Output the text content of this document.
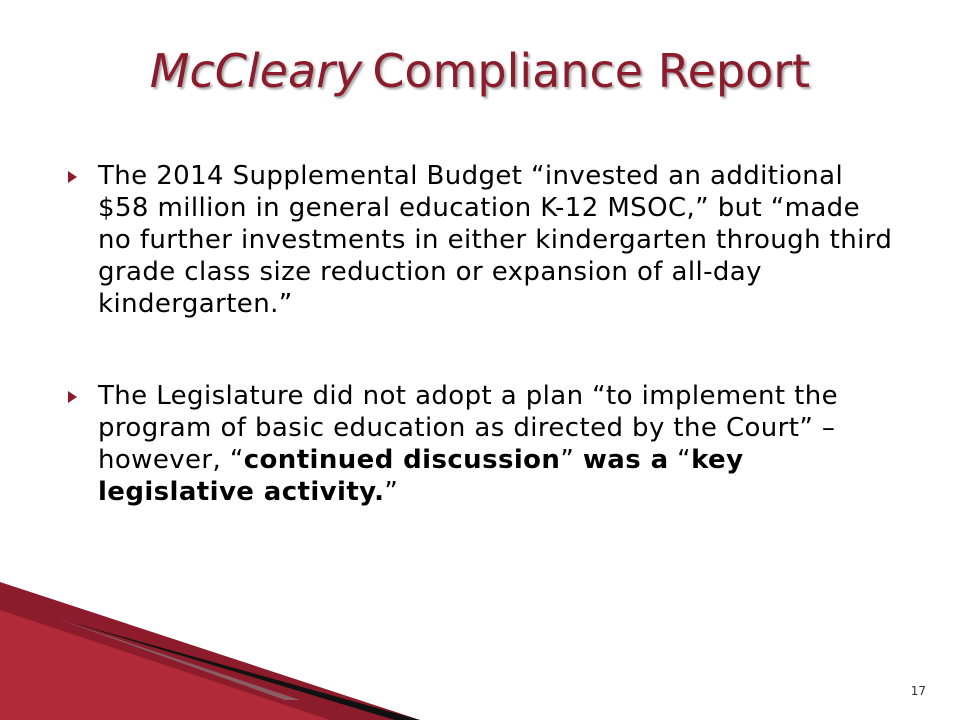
McCleary Compliance Report
The 2014 Supplemental Budget “invested an additional $58 million in general education K-12 MSOC,” but “made no further investments in either kindergarten through third grade class size reduction or expansion of all-day kindergarten.”
The Legislature did not adopt a plan “to implement the program of basic education as directed by the Court” – however, “continued discussion” was a “key legislative activity.”
17
